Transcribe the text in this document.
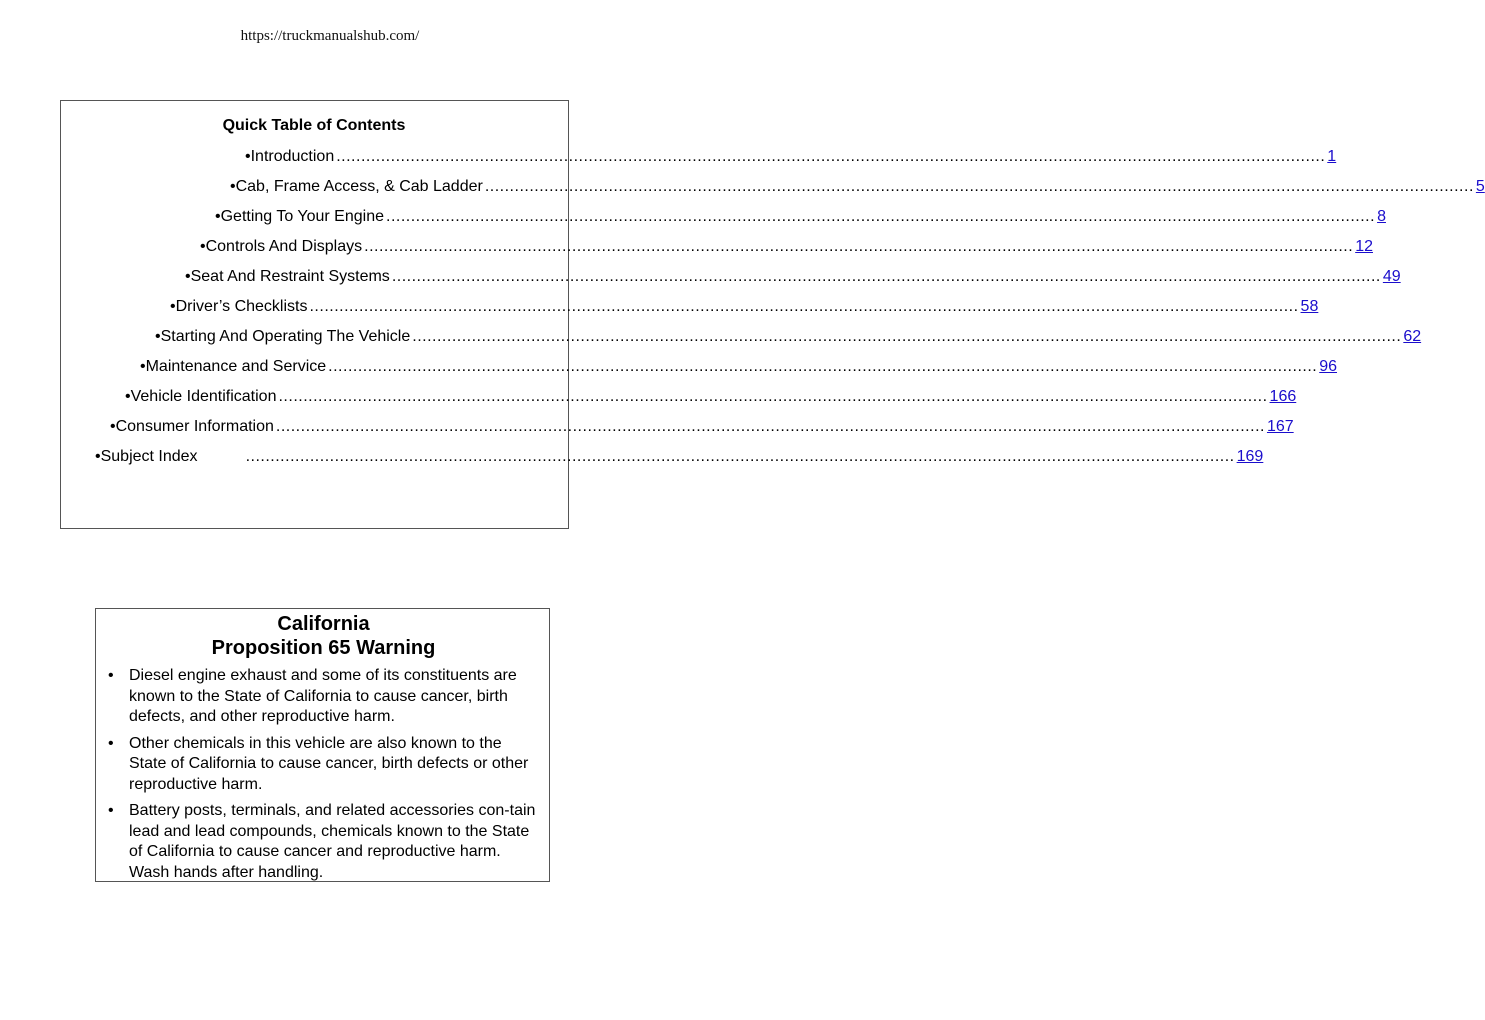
https://truckmanualshub.com/
Quick Table of Contents
•Introduction ........................................................................................................................................................................................................ 1
•Cab, Frame Access, & Cab Ladder ........................................................................................................................................................................................................ 5
•Getting To Your Engine ........................................................................................................................................................................................................ 8
•Controls And Displays ........................................................................................................................................................................................................ 12
•Seat And Restraint Systems ........................................................................................................................................................................................................ 49
•Driver’s Checklists ........................................................................................................................................................................................................ 58
•Starting And Operating The Vehicle ........................................................................................................................................................................................................ 62
•Maintenance and Service ........................................................................................................................................................................................................ 96
•Vehicle Identification ........................................................................................................................................................................................................ 166
•Consumer Information ........................................................................................................................................................................................................ 167
•Subject Index	........................................................................................................................................................................................................ 169
California
Proposition 65 Warning
• Diesel engine exhaust and some of its constituents are known to the State of California to cause cancer, birth defects, and other reproductive harm.
• Other chemicals in this vehicle are also known to the State of California to cause cancer, birth defects or other reproductive harm.
• Battery posts, terminals, and related accessories con-tain lead and lead compounds, chemicals known to the State of California to cause cancer and reproductive harm. Wash hands after handling.
